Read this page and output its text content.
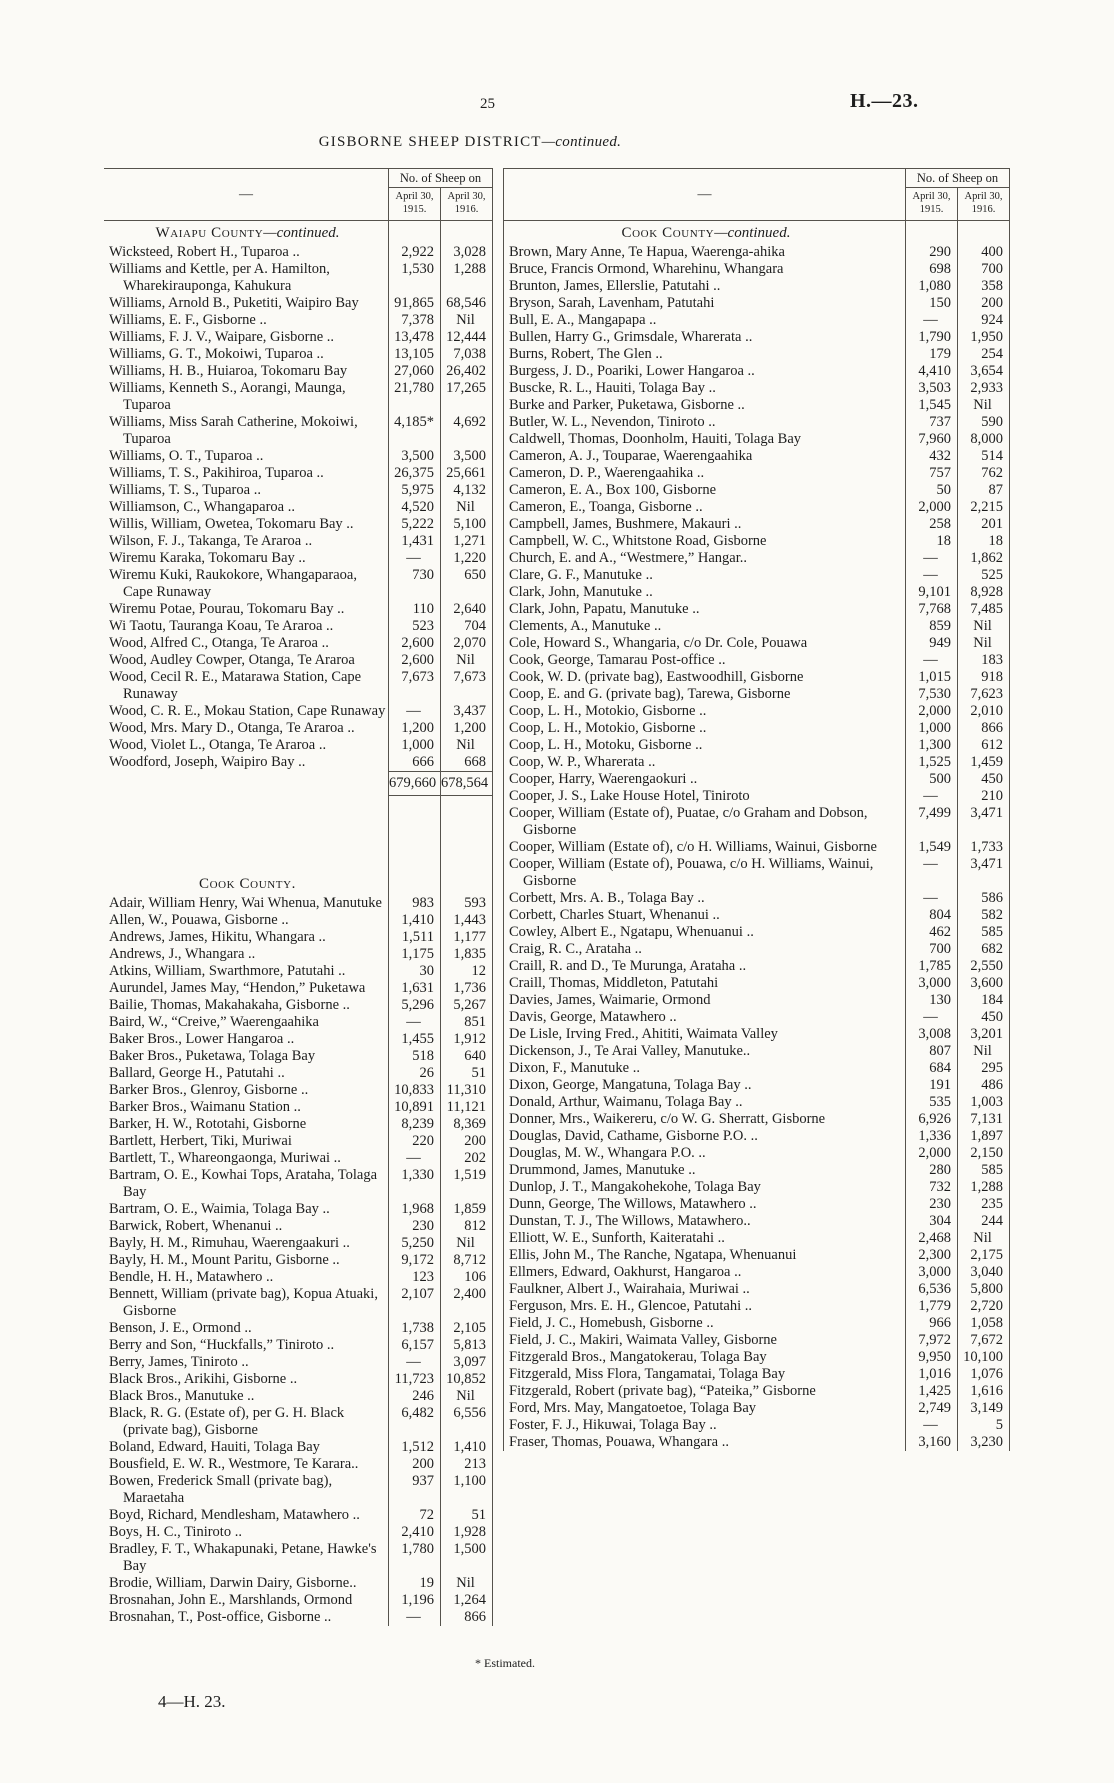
25	H.—23.
GISBORNE SHEEP DISTRICT—continued.
—	No. of Sheep on	
	April 30, 1915.	April 30, 1916.

Waiapu County—continued.		

Wicksteed, Robert H., Tuparoa ..	2,922	3,028

Williams and Kettle, per A. Hamilton, Wharekirauponga, Kahukura	1,530	1,288

Williams, Arnold B., Puketiti, Waipiro Bay	91,865	68,546

Williams, E. F., Gisborne ..	7,378	Nil

Williams, F. J. V., Waipare, Gisborne ..	13,478	12,444

Williams, G. T., Mokoiwi, Tuparoa ..	13,105	7,038

Williams, H. B., Huiaroa, Tokomaru Bay	27,060	26,402

Williams, Kenneth S., Aorangi, Maunga, Tuparoa	21,780	17,265

Williams, Miss Sarah Catherine, Mokoiwi, Tuparoa	4,185*	4,692

Williams, O. T., Tuparoa ..	3,500	3,500

Williams, T. S., Pakihiroa, Tuparoa ..	26,375	25,661

Williams, T. S., Tuparoa ..	5,975	4,132

Williamson, C., Whangaparoa ..	4,520	Nil

Willis, William, Owetea, Tokomaru Bay ..	5,222	5,100

Wilson, F. J., Takanga, Te Araroa ..	1,431	1,271

Wiremu Karaka, Tokomaru Bay ..	—	1,220

Wiremu Kuki, Raukokore, Whangaparaoa, Cape Runaway	730	650

Wiremu Potae, Pourau, Tokomaru Bay ..	110	2,640

Wi Taotu, Tauranga Koau, Te Araroa ..	523	704

Wood, Alfred C., Otanga, Te Araroa ..	2,600	2,070

Wood, Audley Cowper, Otanga, Te Araroa	2,600	Nil

Wood, Cecil R. E., Matarawa Station, Cape Runaway	7,673	7,673

Wood, C. R. E., Mokau Station, Cape Runaway	—	3,437

Wood, Mrs. Mary D., Otanga, Te Araroa ..	1,200	1,200

Wood, Violet L., Otanga, Te Araroa ..	1,000	Nil

Woodford, Joseph, Waipiro Bay ..	666	668
	679,660	678,564

Cook County.		

Adair, William Henry, Wai Whenua, Manutuke	983	593

Allen, W., Pouawa, Gisborne ..	1,410	1,443

Andrews, James, Hikitu, Whangara ..	1,511	1,177

Andrews, J., Whangara ..	1,175	1,835

Atkins, William, Swarthmore, Patutahi ..	30	12

Aurundel, James May, “Hendon,” Puketawa	1,631	1,736

Bailie, Thomas, Makahakaha, Gisborne ..	5,296	5,267

Baird, W., “Creive,” Waerengaahika	—	851

Baker Bros., Lower Hangaroa ..	1,455	1,912

Baker Bros., Puketawa, Tolaga Bay	518	640

Ballard, George H., Patutahi ..	26	51

Barker Bros., Glenroy, Gisborne ..	10,833	11,310

Barker Bros., Waimanu Station ..	10,891	11,121

Barker, H. W., Rototahi, Gisborne	8,239	8,369

Bartlett, Herbert, Tiki, Muriwai	220	200

Bartlett, T., Whareongaonga, Muriwai ..	—	202

Bartram, O. E., Kowhai Tops, Arataha, Tolaga Bay	1,330	1,519

Bartram, O. E., Waimia, Tolaga Bay ..	1,968	1,859

Barwick, Robert, Whenanui ..	230	812

Bayly, H. M., Rimuhau, Waerengaakuri ..	5,250	Nil

Bayly, H. M., Mount Paritu, Gisborne ..	9,172	8,712

Bendle, H. H., Matawhero ..	123	106

Bennett, William (private bag), Kopua Atuaki, Gisborne	2,107	2,400

Benson, J. E., Ormond ..	1,738	2,105

Berry and Son, “Huckfalls,” Tiniroto ..	6,157	5,813

Berry, James, Tiniroto ..	—	3,097

Black Bros., Arikihi, Gisborne ..	11,723	10,852

Black Bros., Manutuke ..	246	Nil

Black, R. G. (Estate of), per G. H. Black (private bag), Gisborne	6,482	6,556

Boland, Edward, Hauiti, Tolaga Bay	1,512	1,410

Bousfield, E. W. R., Westmore, Te Karara..	200	213

Bowen, Frederick Small (private bag), Maraetaha	937	1,100

Boyd, Richard, Mendlesham, Matawhero ..	72	51

Boys, H. C., Tiniroto ..	2,410	1,928

Bradley, F. T., Whakapunaki, Petane, Hawke's Bay	1,780	1,500

Brodie, William, Darwin Dairy, Gisborne..	19	Nil

Brosnahan, John E., Marshlands, Ormond	1,196	1,264

Brosnahan, T., Post-office, Gisborne ..	—	866
—	No. of Sheep on	
	April 30, 1915.	April 30, 1916.

Cook County—continued.		

Brown, Mary Anne, Te Hapua, Waerenga-ahika	290	400

Bruce, Francis Ormond, Wharehinu, Whangara	698	700

Brunton, James, Ellerslie, Patutahi ..	1,080	358

Bryson, Sarah, Lavenham, Patutahi	150	200

Bull, E. A., Mangapapa ..	—	924

Bullen, Harry G., Grimsdale, Wharerata ..	1,790	1,950

Burns, Robert, The Glen ..	179	254

Burgess, J. D., Poariki, Lower Hangaroa ..	4,410	3,654

Buscke, R. L., Hauiti, Tolaga Bay ..	3,503	2,933

Burke and Parker, Puketawa, Gisborne ..	1,545	Nil

Butler, W. L., Nevendon, Tiniroto ..	737	590

Caldwell, Thomas, Doonholm, Hauiti, Tolaga Bay	7,960	8,000

Cameron, A. J., Touparae, Waerengaahika	432	514

Cameron, D. P., Waerengaahika ..	757	762

Cameron, E. A., Box 100, Gisborne	50	87

Cameron, E., Toanga, Gisborne ..	2,000	2,215

Campbell, James, Bushmere, Makauri ..	258	201

Campbell, W. C., Whitstone Road, Gisborne	18	18

Church, E. and A., “Westmere,” Hangar..	—	1,862

Clare, G. F., Manutuke ..	—	525

Clark, John, Manutuke ..	9,101	8,928

Clark, John, Papatu, Manutuke ..	7,768	7,485

Clements, A., Manutuke ..	859	Nil

Cole, Howard S., Whangaria, c/o Dr. Cole, Pouawa	949	Nil

Cook, George, Tamarau Post-office ..	—	183

Cook, W. D. (private bag), Eastwoodhill, Gisborne	1,015	918

Coop, E. and G. (private bag), Tarewa, Gisborne	7,530	7,623

Coop, L. H., Motokio, Gisborne ..	2,000	2,010

Coop, L. H., Motokio, Gisborne ..	1,000	866

Coop, L. H., Motoku, Gisborne ..	1,300	612

Coop, W. P., Wharerata ..	1,525	1,459

Cooper, Harry, Waerengaokuri ..	500	450

Cooper, J. S., Lake House Hotel, Tiniroto	—	210

Cooper, William (Estate of), Puatae, c/o Graham and Dobson, Gisborne	7,499	3,471

Cooper, William (Estate of), c/o H. Williams, Wainui, Gisborne	1,549	1,733

Cooper, William (Estate of), Pouawa, c/o H. Williams, Wainui, Gisborne	—	3,471

Corbett, Mrs. A. B., Tolaga Bay ..	—	586

Corbett, Charles Stuart, Whenanui ..	804	582

Cowley, Albert E., Ngatapu, Whenuanui ..	462	585

Craig, R. C., Arataha ..	700	682

Craill, R. and D., Te Murunga, Arataha ..	1,785	2,550

Craill, Thomas, Middleton, Patutahi	3,000	3,600

Davies, James, Waimarie, Ormond	130	184

Davis, George, Matawhero ..	—	450

De Lisle, Irving Fred., Ahititi, Waimata Valley	3,008	3,201

Dickenson, J., Te Arai Valley, Manutuke..	807	Nil

Dixon, F., Manutuke ..	684	295

Dixon, George, Mangatuna, Tolaga Bay ..	191	486

Donald, Arthur, Waimanu, Tolaga Bay ..	535	1,003

Donner, Mrs., Waikereru, c/o W. G. Sherratt, Gisborne	6,926	7,131

Douglas, David, Cathame, Gisborne P.O. ..	1,336	1,897

Douglas, M. W., Whangara P.O. ..	2,000	2,150

Drummond, James, Manutuke ..	280	585

Dunlop, J. T., Mangakohekohe, Tolaga Bay	732	1,288

Dunn, George, The Willows, Matawhero ..	230	235

Dunstan, T. J., The Willows, Matawhero..	304	244

Elliott, W. E., Sunforth, Kaiteratahi ..	2,468	Nil

Ellis, John M., The Ranche, Ngatapa, Whenuanui	2,300	2,175

Ellmers, Edward, Oakhurst, Hangaroa ..	3,000	3,040

Faulkner, Albert J., Wairahaia, Muriwai ..	6,536	5,800

Ferguson, Mrs. E. H., Glencoe, Patutahi ..	1,779	2,720

Field, J. C., Homebush, Gisborne ..	966	1,058

Field, J. C., Makiri, Waimata Valley, Gisborne	7,972	7,672

Fitzgerald Bros., Mangatokerau, Tolaga Bay	9,950	10,100

Fitzgerald, Miss Flora, Tangamatai, Tolaga Bay	1,016	1,076

Fitzgerald, Robert (private bag), “Pateika,” Gisborne	1,425	1,616

Ford, Mrs. May, Mangatoetoe, Tolaga Bay	2,749	3,149

Foster, F. J., Hikuwai, Tolaga Bay ..	—	5

Fraser, Thomas, Pouawa, Whangara ..	3,160	3,230
* Estimated.
4—H. 23.
